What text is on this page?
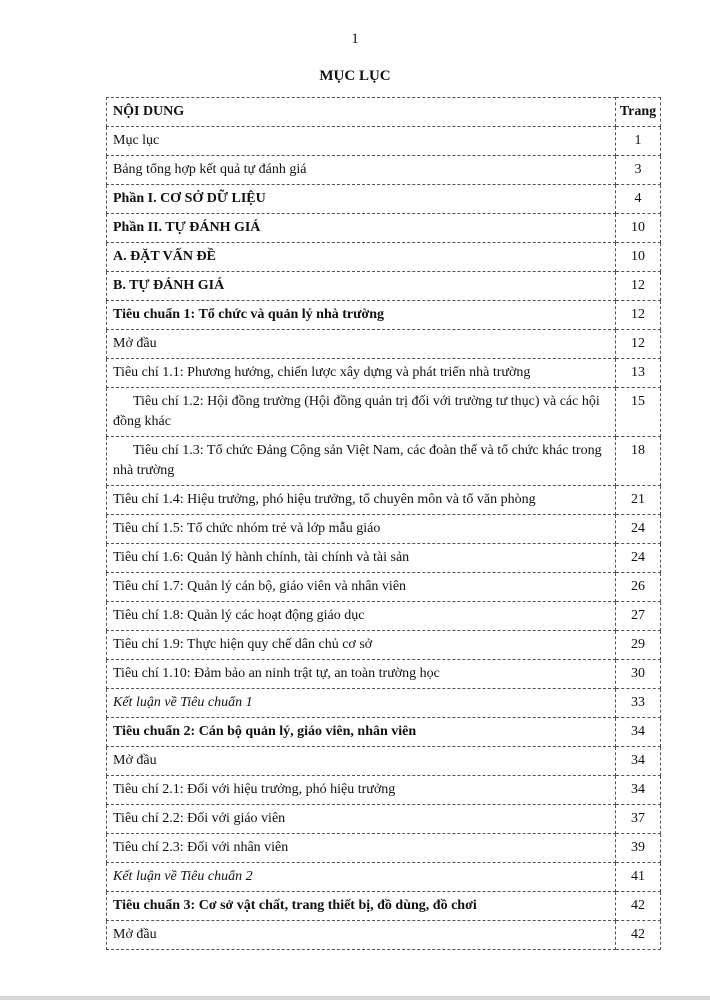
1
MỤC LỤC
NỘI DUNG	Trang
Mục lục	1
Bảng tổng hợp kết quả tự đánh giá	3
Phần I. CƠ SỞ DỮ LIỆU	4
Phần II. TỰ ĐÁNH GIÁ	10
A. ĐẶT VẤN ĐỀ	10
B. TỰ ĐÁNH GIÁ	12
Tiêu chuẩn 1: Tổ chức và quản lý nhà trường	12
Mở đầu	12
Tiêu chí 1.1: Phương hướng, chiến lược xây dựng và phát triển nhà trường	13
Tiêu chí 1.2: Hội đồng trường (Hội đồng quản trị đối với trường tư thục) và các hội đồng khác	15
Tiêu chí 1.3: Tổ chức Đảng Cộng sản Việt Nam, các đoàn thể và tổ chức khác trong nhà trường	18
Tiêu chí 1.4: Hiệu trưởng, phó hiệu trưởng, tổ chuyên môn và tổ văn phòng	21
Tiêu chí 1.5: Tổ chức nhóm trẻ và lớp mẫu giáo	24
Tiêu chí 1.6: Quản lý hành chính, tài chính và tài sản	24
Tiêu chí 1.7: Quản lý cán bộ, giáo viên và nhân viên	26
Tiêu chí 1.8: Quản lý các hoạt động giáo dục	27
Tiêu chí 1.9: Thực hiện quy chế dân chủ cơ sở	29
Tiêu chí 1.10: Đảm bảo an ninh trật tự, an toàn trường học	30
Kết luận về Tiêu chuẩn 1	33
Tiêu chuẩn 2: Cán bộ quản lý, giáo viên, nhân viên	34
Mở đầu	34
Tiêu chí 2.1: Đối với hiệu trưởng, phó hiệu trưởng	34
Tiêu chí 2.2: Đối với giáo viên	37
Tiêu chí 2.3: Đối với nhân viên	39
Kết luận về Tiêu chuẩn 2	41
Tiêu chuẩn 3: Cơ sở vật chất, trang thiết bị, đồ dùng, đồ chơi	42
Mở đầu	42
